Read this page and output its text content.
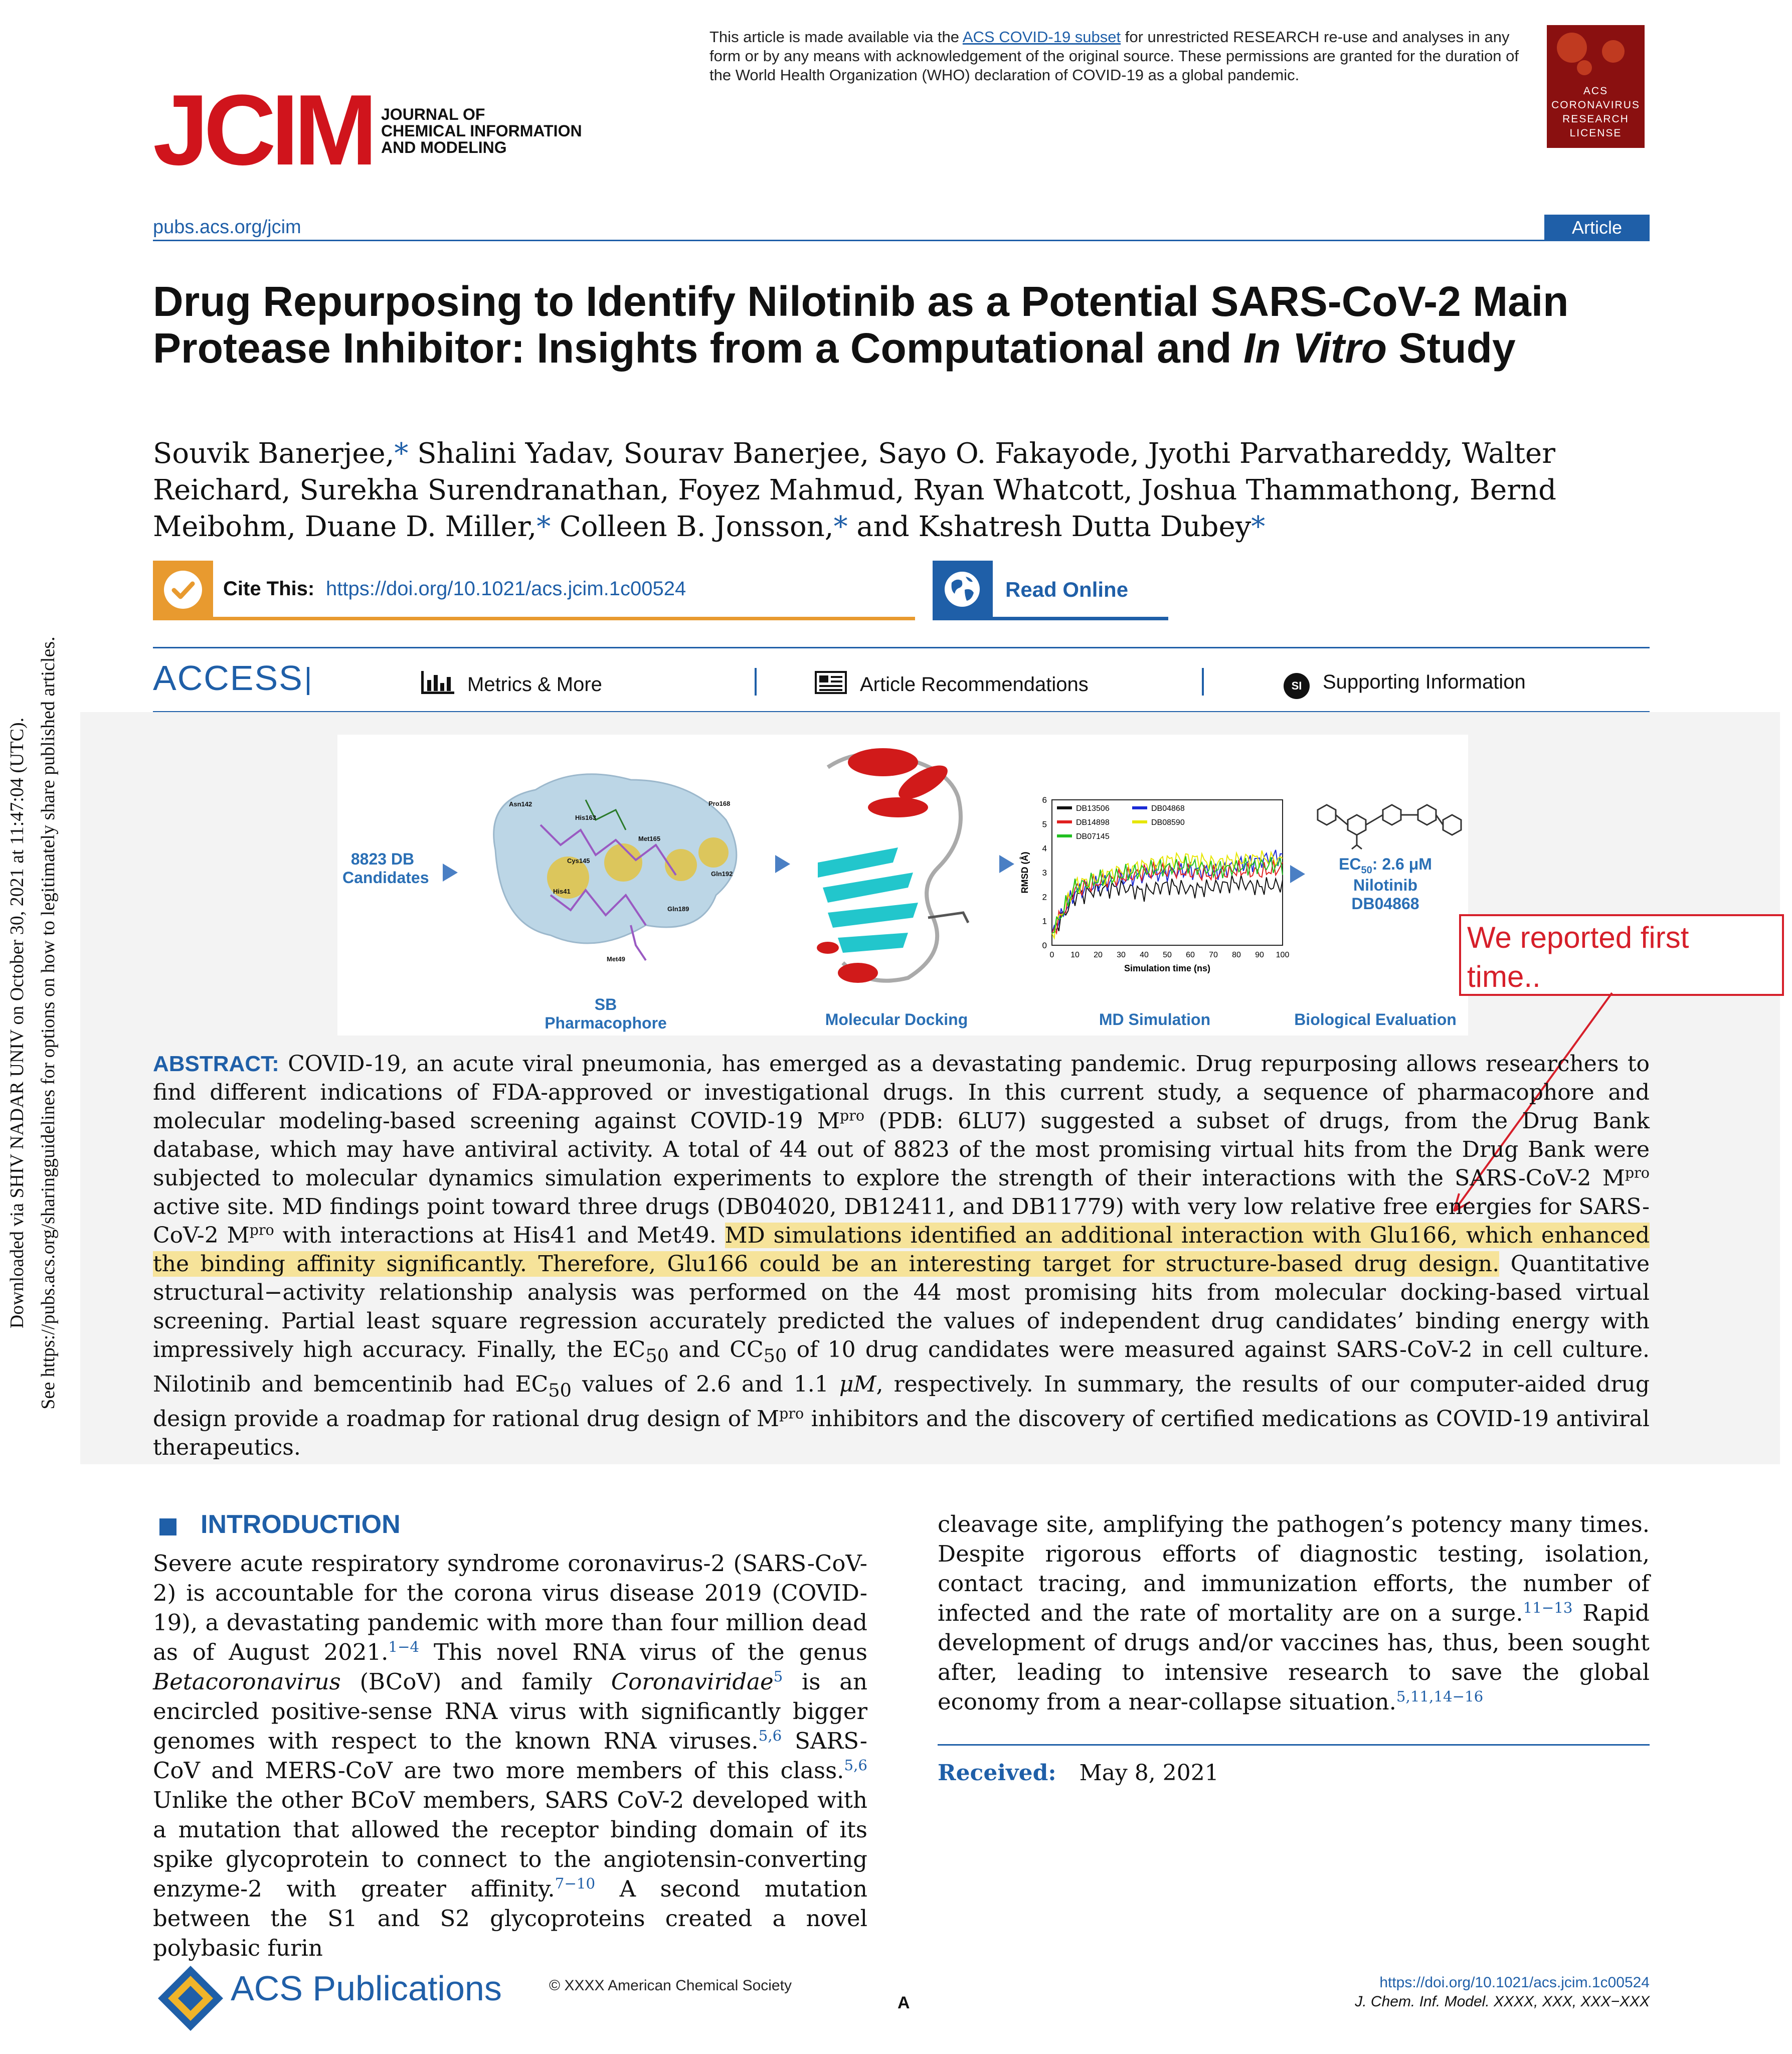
Downloaded via SHIV NADAR UNIV on October 30, 2021 at 11:47:04 (UTC). See https://pubs.acs.org/sharingguidelines for options on how to legitimately share published articles.
This article is made available via the ACS COVID-19 subset for unrestricted RESEARCH re-use and analyses in any form or by any means with acknowledgement of the original source. These permissions are granted for the duration of the World Health Organization (WHO) declaration of COVID-19 as a global pandemic.
ACS
CORONAVIRUS
RESEARCH
LICENSE
JCIM JOURNAL OF
CHEMICAL INFORMATION
AND MODELING
pubs.acs.org/jcim	Article
Drug Repurposing to Identify Nilotinib as a Potential SARS-CoV-2 Main Protease Inhibitor: Insights from a Computational and In Vitro Study
Souvik Banerjee,* Shalini Yadav, Sourav Banerjee, Sayo O. Fakayode, Jyothi Parvathareddy, Walter Reichard, Surekha Surendranathan, Foyez Mahmud, Ryan Whatcott, Joshua Thammathong, Bernd Meibohm, Duane D. Miller,* Colleen B. Jonsson,* and Kshatresh Dutta Dubey*
Cite This: https://doi.org/10.1021/acs.jcim.1c00524	Read Online
ACCESS	Metrics & More	Article Recommendations	SI Supporting Information
8823 DB
Candidates
Asn142
His163
Pro168
Met165
Cys145
His41
Gln192
Gln189
Met49
SB
Pharmacophore	Molecular Docking
6
5
4
3
2
1
0
0 10 20 30 40 50 60 70 80 90 100
Simulation time (ns)
RMSD (Å)
DB13506	DB04868
DB14898	DB08590
DB07145
MD Simulation
$EC_{50}$: 2.6 μM
Nilotinib
DB04868
Biological Evaluation
We reported first
time..
ABSTRACT: COVID-19, an acute viral pneumonia, has emerged as a devastating pandemic. Drug repurposing allows researchers to find different indications of FDA-approved or investigational drugs. In this current study, a sequence of pharmacophore and molecular modeling-based screening against COVID-19 $M^{pro}$ (PDB: 6LU7) suggested a subset of drugs, from the Drug Bank database, which may have antiviral activity. A total of 44 out of 8823 of the most promising virtual hits from the Drug Bank were subjected to molecular dynamics simulation experiments to explore the strength of their interactions with the SARS-CoV-2 $M^{pro}$ active site. MD findings point toward three drugs (DB04020, DB12411, and DB11779) with very low relative free energies for SARS-CoV-2 $M^{pro}$ with interactions at His41 and Met49. MD simulations identified an additional interaction with Glu166, which enhanced the binding affinity significantly. Therefore, Glu166 could be an interesting target for structure-based drug design. Quantitative structural−activity relationship analysis was performed on the 44 most promising hits from molecular docking-based virtual screening. Partial least square regression accurately predicted the values of independent drug candidates’ binding energy with impressively high accuracy. Finally, the $EC_{50}$ and $CC_{50}$ of 10 drug candidates were measured against SARS-CoV-2 in cell culture. Nilotinib and bemcentinib had $EC_{50}$ values of 2.6 and 1.1 μM, respectively. In summary, the results of our computer-aided drug design provide a roadmap for rational drug design of $M^{pro}$ inhibitors and the discovery of certified medications as COVID-19 antiviral therapeutics.
INTRODUCTION
Severe acute respiratory syndrome coronavirus-2 (SARS-CoV-2) is accountable for the corona virus disease 2019 (COVID-19), a devastating pandemic with more than four million dead as of August 2021.$^{1-4}$ This novel RNA virus of the genus Betacoronavirus (BCoV) and family Coronaviridae$^5$ is an encircled positive-sense RNA virus with significantly bigger genomes with respect to the known RNA viruses.$^{5,6}$ SARS-CoV and MERS-CoV are two more members of this class.$^{5,6}$ Unlike the other BCoV members, SARS CoV-2 developed with a mutation that allowed the receptor binding domain of its spike glycoprotein to connect to the angiotensin-converting enzyme-2 with greater affinity.$^{7-10}$ A second mutation between the S1 and S2 glycoproteins created a novel polybasic furin
cleavage site, amplifying the pathogen’s potency many times. Despite rigorous efforts of diagnostic testing, isolation, contact tracing, and immunization efforts, the number of infected and the rate of mortality are on a surge.$^{11-13}$ Rapid development of drugs and/or vaccines has, thus, been sought after, leading to intensive research to save the global economy from a near-collapse situation.$^{5,11,14-16}$
Received: May 8, 2021
ACS Publications	© XXXX American Chemical Society
A
https://doi.org/10.1021/acs.jcim.1c00524
J. Chem. Inf. Model. XXXX, XXX, XXX−XXX
